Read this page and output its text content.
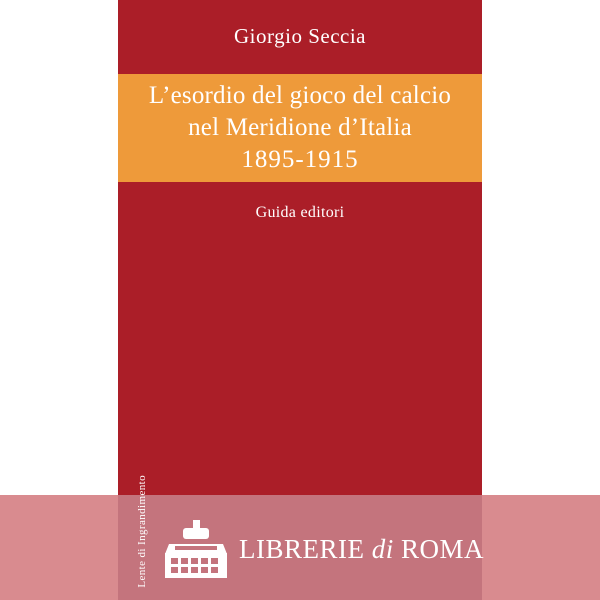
Giorgio Seccia
L’esordio del gioco del calcio
nel Meridione d’Italia
1895-1915
Guida editori
Lente di Ingrandimento	LIBRERIE di ROMA
